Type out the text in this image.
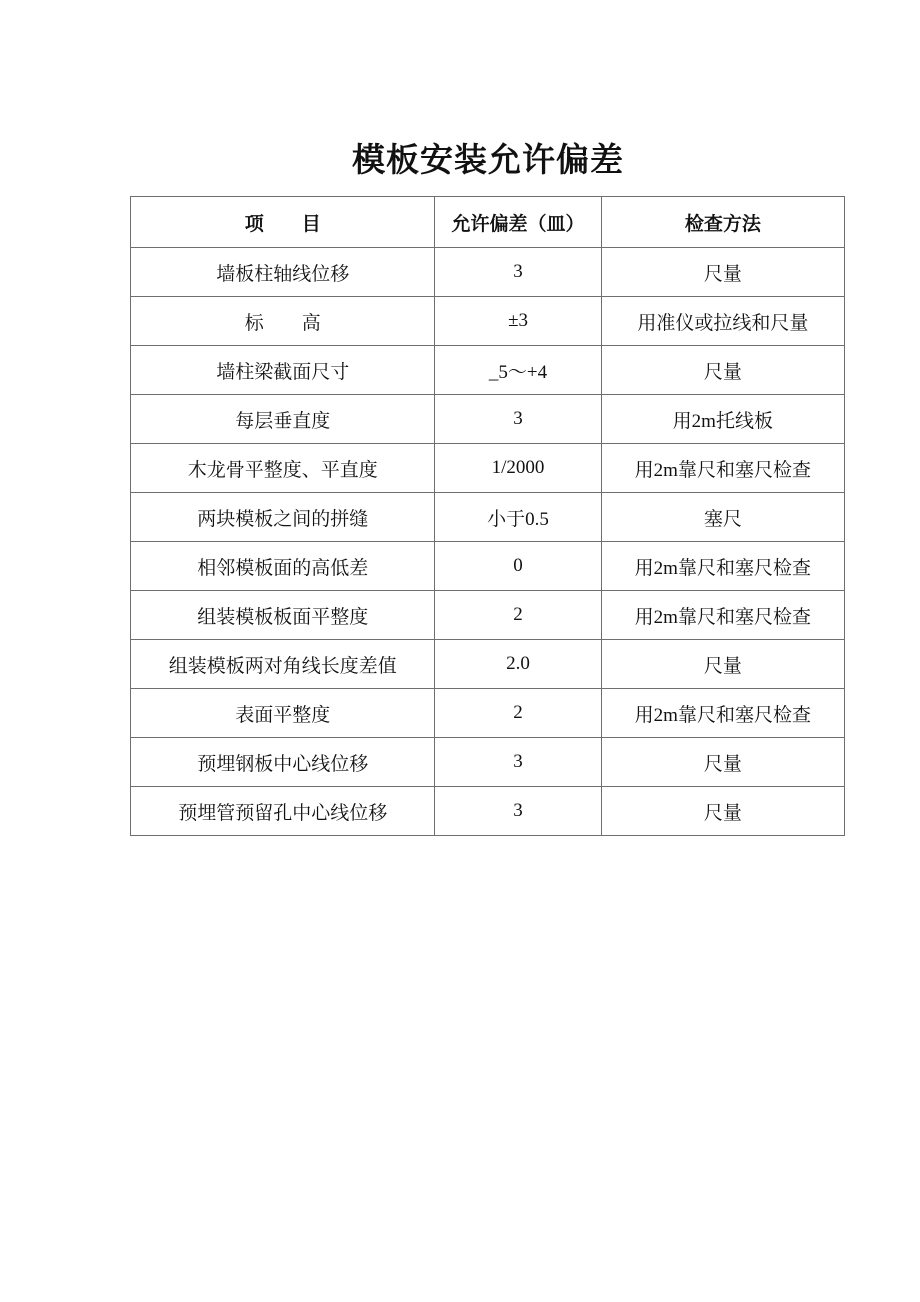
模板安装允许偏差
项　　目	允许偏差（皿）	检查方法
墙板柱轴线位移	3	尺量
标　　高	±3	用准仪或拉线和尺量
墙柱梁截面尺寸	_5～+4	尺量
每层垂直度	3	用2m托线板
木龙骨平整度、平直度	1/2000	用2m靠尺和塞尺检查
两块模板之间的拼缝	小于0.5	塞尺
相邻模板面的高低差	0	用2m靠尺和塞尺检查
组装模板板面平整度	2	用2m靠尺和塞尺检查
组装模板两对角线长度差值	2.0	尺量
表面平整度	2	用2m靠尺和塞尺检查
预埋钢板中心线位移	3	尺量
预埋管预留孔中心线位移	3	尺量
